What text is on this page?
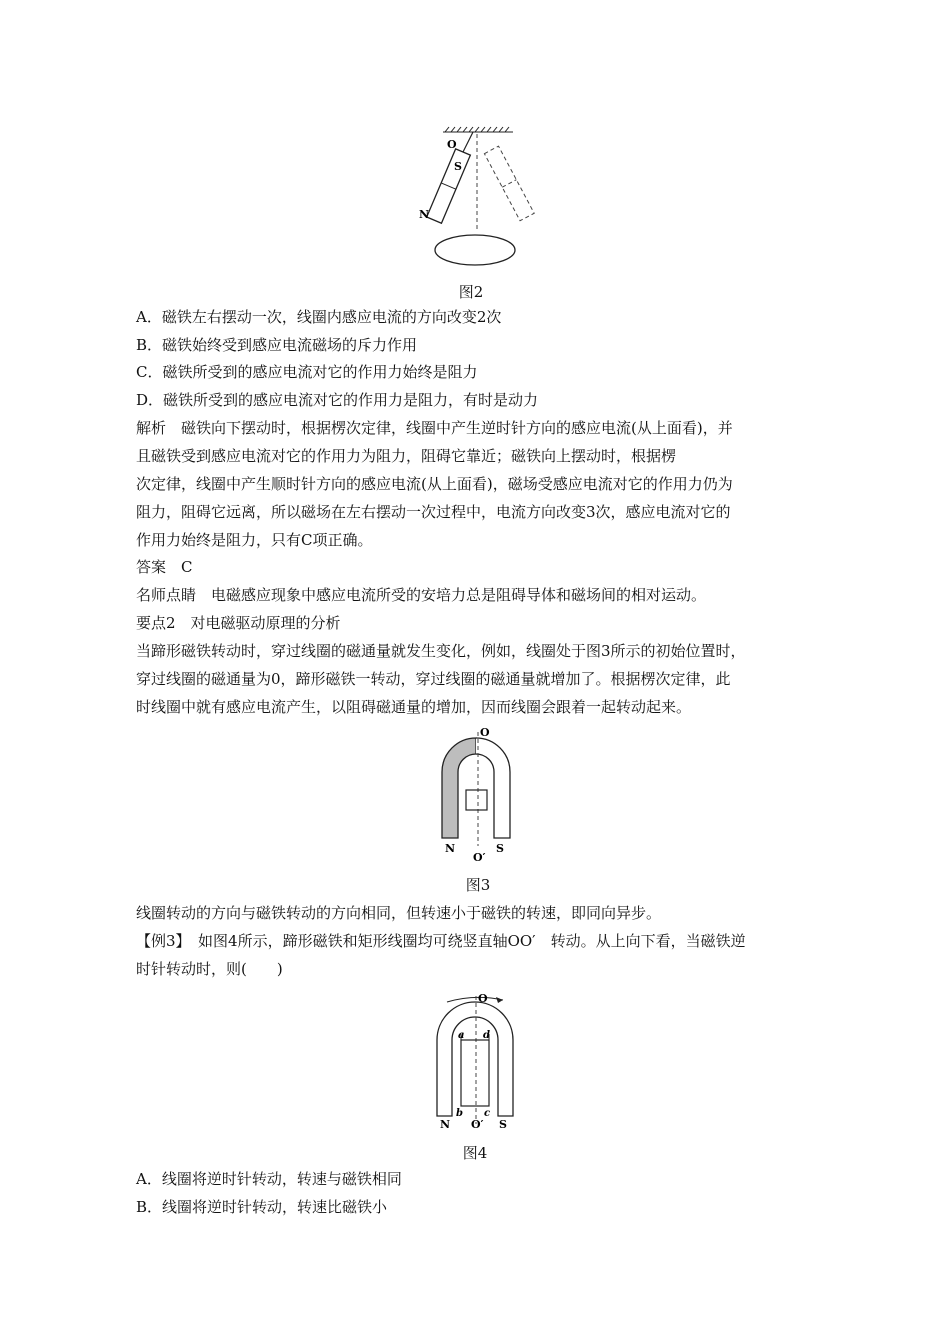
O
S
N
图2
A．磁铁左右摆动一次，线圈内感应电流的方向改变2次
B．磁铁始终受到感应电流磁场的斥力作用
C．磁铁所受到的感应电流对它的作用力始终是阻力
D．磁铁所受到的感应电流对它的作用力是阻力，有时是动力
解析　磁铁向下摆动时，根据楞次定律，线圈中产生逆时针方向的感应电流(从上面看)，并
且磁铁受到感应电流对它的作用力为阻力，阻碍它靠近；磁铁向上摆动时，根据楞
次定律，线圈中产生顺时针方向的感应电流(从上面看)，磁场受感应电流对它的作用力仍为
阻力，阻碍它远离，所以磁场在左右摆动一次过程中，电流方向改变3次，感应电流对它的
作用力始终是阻力，只有C项正确。
答案　C
名师点睛　电磁感应现象中感应电流所受的安培力总是阻碍导体和磁场间的相对运动。
要点2　对电磁驱动原理的分析
当蹄形磁铁转动时，穿过线圈的磁通量就发生变化，例如，线圈处于图3所示的初始位置时，
穿过线圈的磁通量为0，蹄形磁铁一转动，穿过线圈的磁通量就增加了。根据楞次定律，此
时线圈中就有感应电流产生，以阻碍磁通量的增加，因而线圈会跟着一起转动起来。
O
O′
N	S
图3
线圈转动的方向与磁铁转动的方向相同，但转速小于磁铁的转速，即同向异步。
【例3】　如图4所示，蹄形磁铁和矩形线圈均可绕竖直轴OO′　转动。从上向下看，当磁铁逆
时针转动时，则(　　)
O
a d
b c
O′
N	S
图4
A．线圈将逆时针转动，转速与磁铁相同
B．线圈将逆时针转动，转速比磁铁小
